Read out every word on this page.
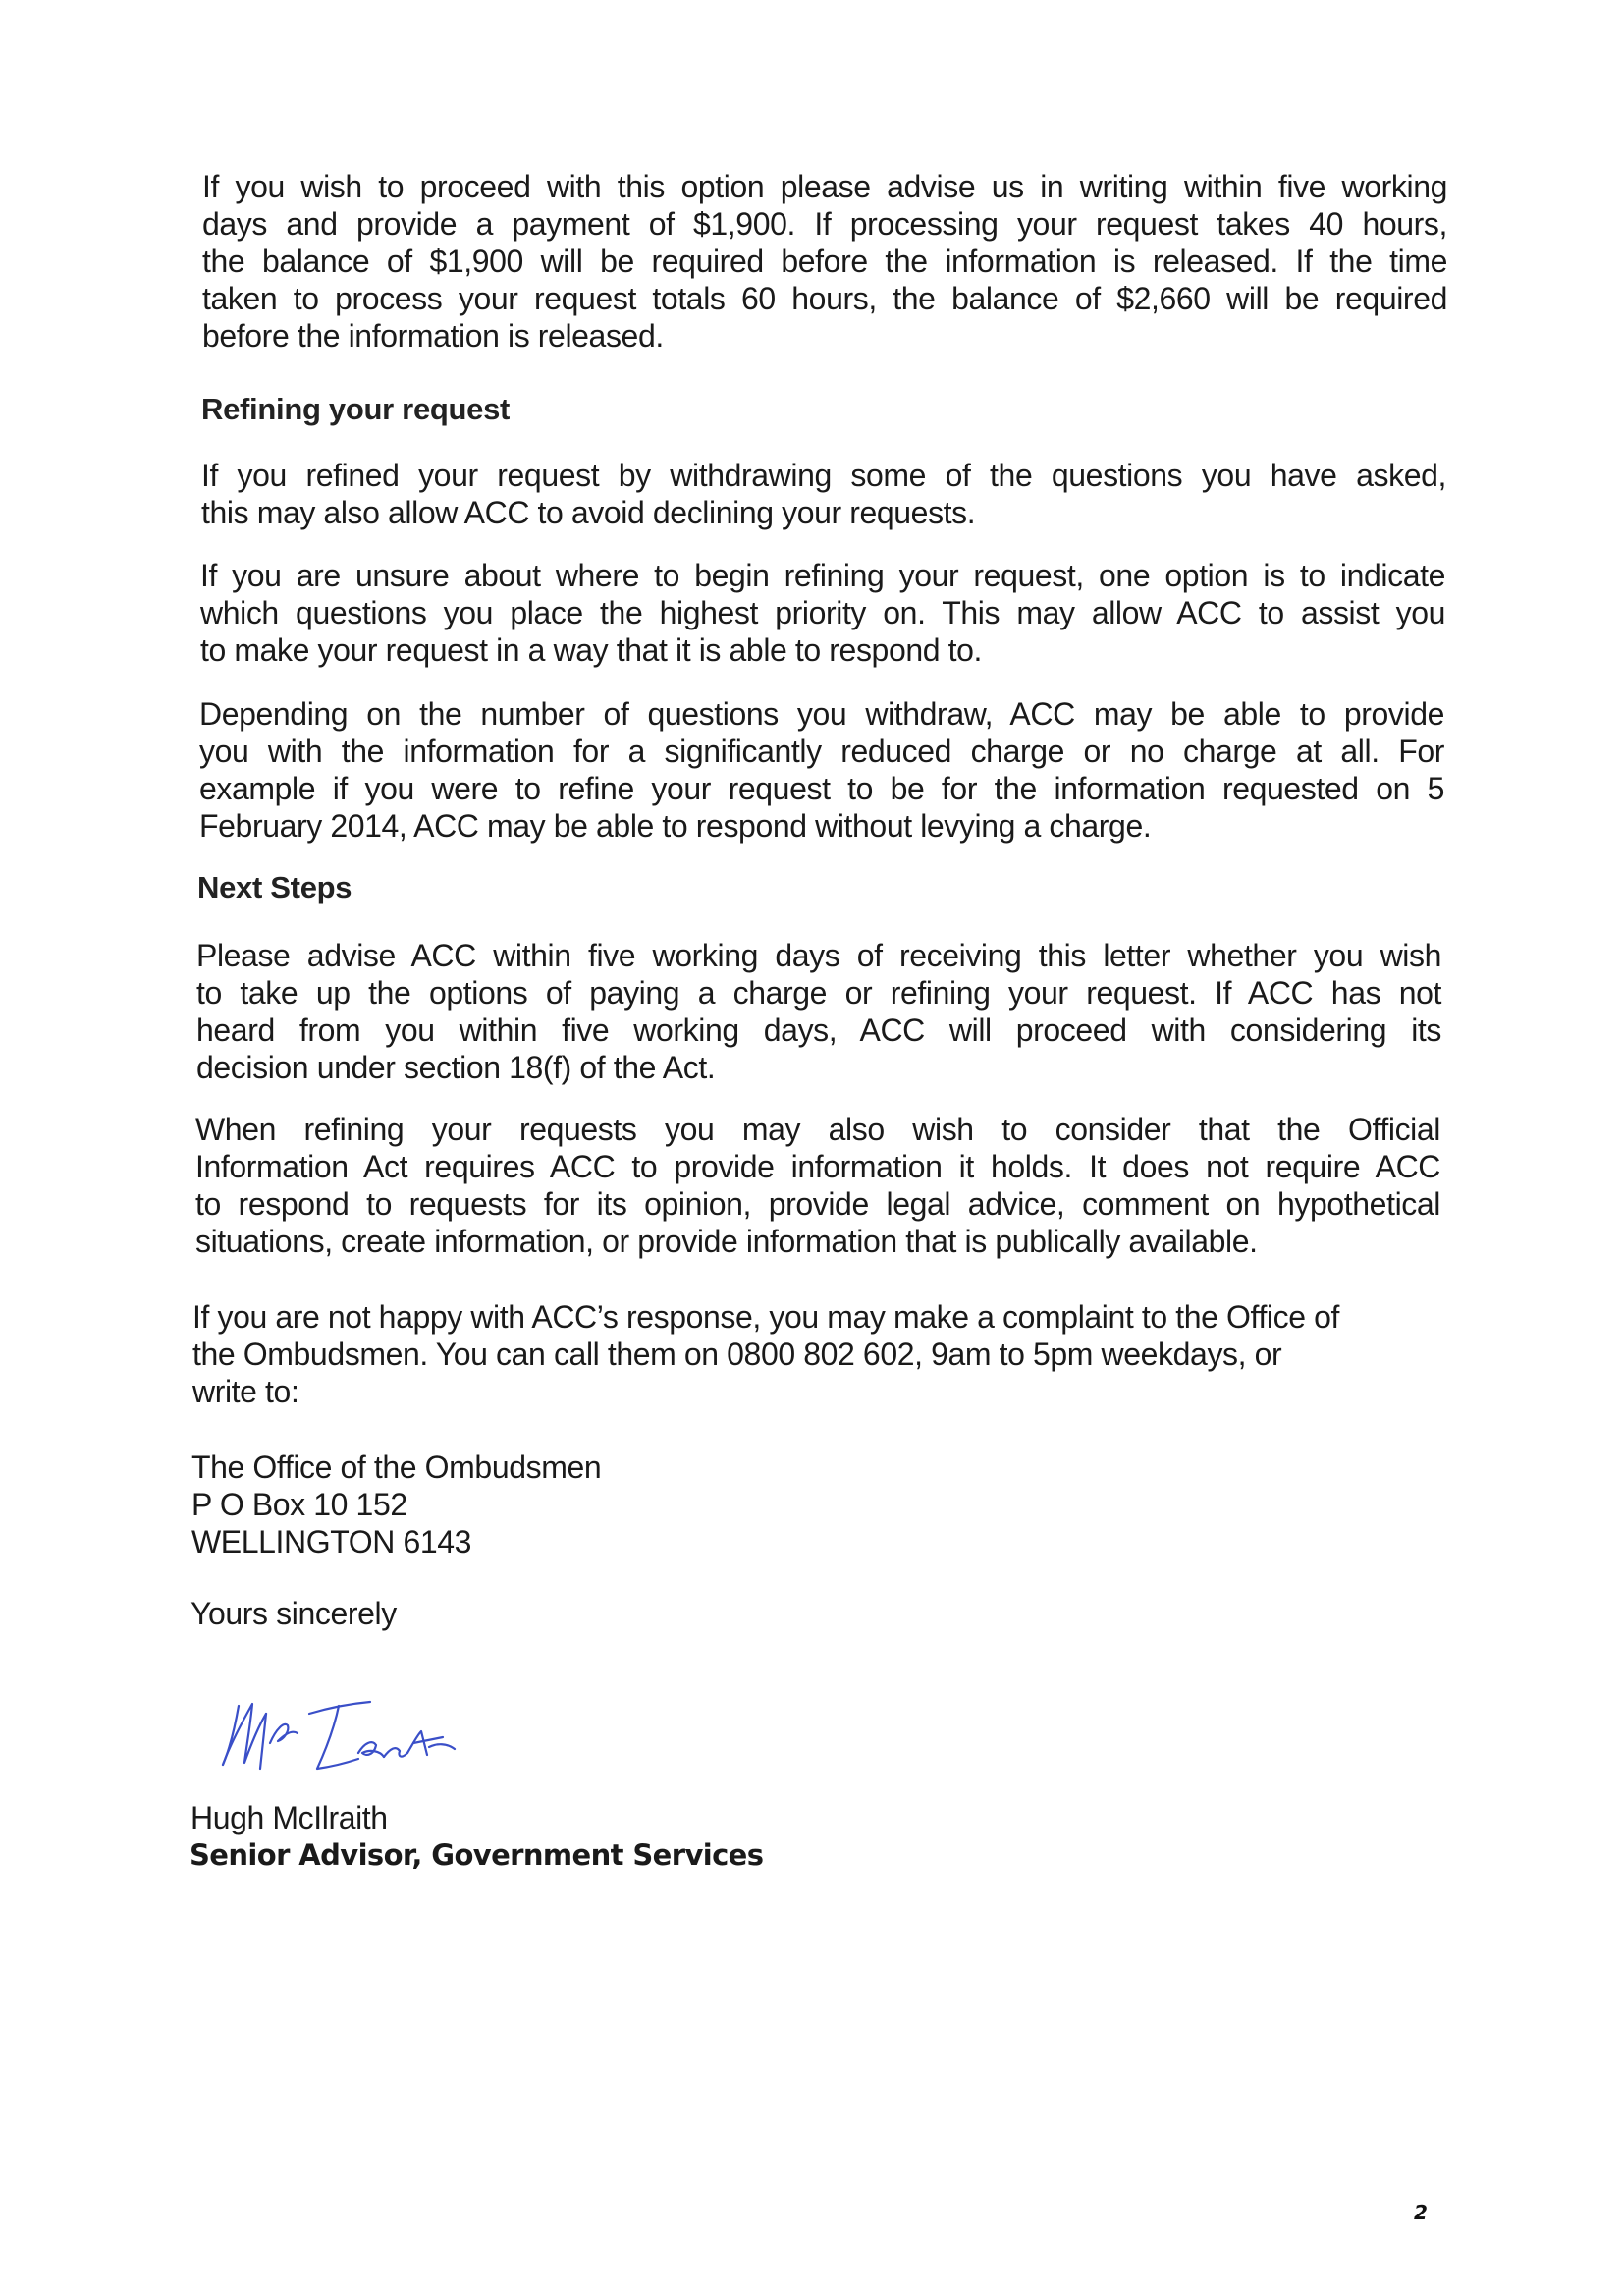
If you wish to proceed with this option please advise us in writing within five working
days and provide a payment of $1,900. If processing your request takes 40 hours,
the balance of $1,900 will be required before the information is released. If the time
taken to process your request totals 60 hours, the balance of $2,660 will be required
before the information is released.
Refining your request
If you refined your request by withdrawing some of the questions you have asked,
this may also allow ACC to avoid declining your requests.
If you are unsure about where to begin refining your request, one option is to indicate
which questions you place the highest priority on. This may allow ACC to assist you
to make your request in a way that it is able to respond to.
Depending on the number of questions you withdraw, ACC may be able to provide
you with the information for a significantly reduced charge or no charge at all. For
example if you were to refine your request to be for the information requested on 5
February 2014, ACC may be able to respond without levying a charge.
Next Steps
Please advise ACC within five working days of receiving this letter whether you wish
to take up the options of paying a charge or refining your request. If ACC has not
heard from you within five working days, ACC will proceed with considering its
decision under section 18(f) of the Act.
When refining your requests you may also wish to consider that the Official
Information Act requires ACC to provide information it holds. It does not require ACC
to respond to requests for its opinion, provide legal advice, comment on hypothetical
situations, create information, or provide information that is publically available.
If you are not happy with ACC’s response, you may make a complaint to the Office of
the Ombudsmen. You can call them on 0800 802 602, 9am to 5pm weekdays, or
write to:
The Office of the Ombudsmen
P O Box 10 152
WELLINGTON 6143
Yours sincerely
Hugh McIlraith
Senior Advisor, Government Services
2
